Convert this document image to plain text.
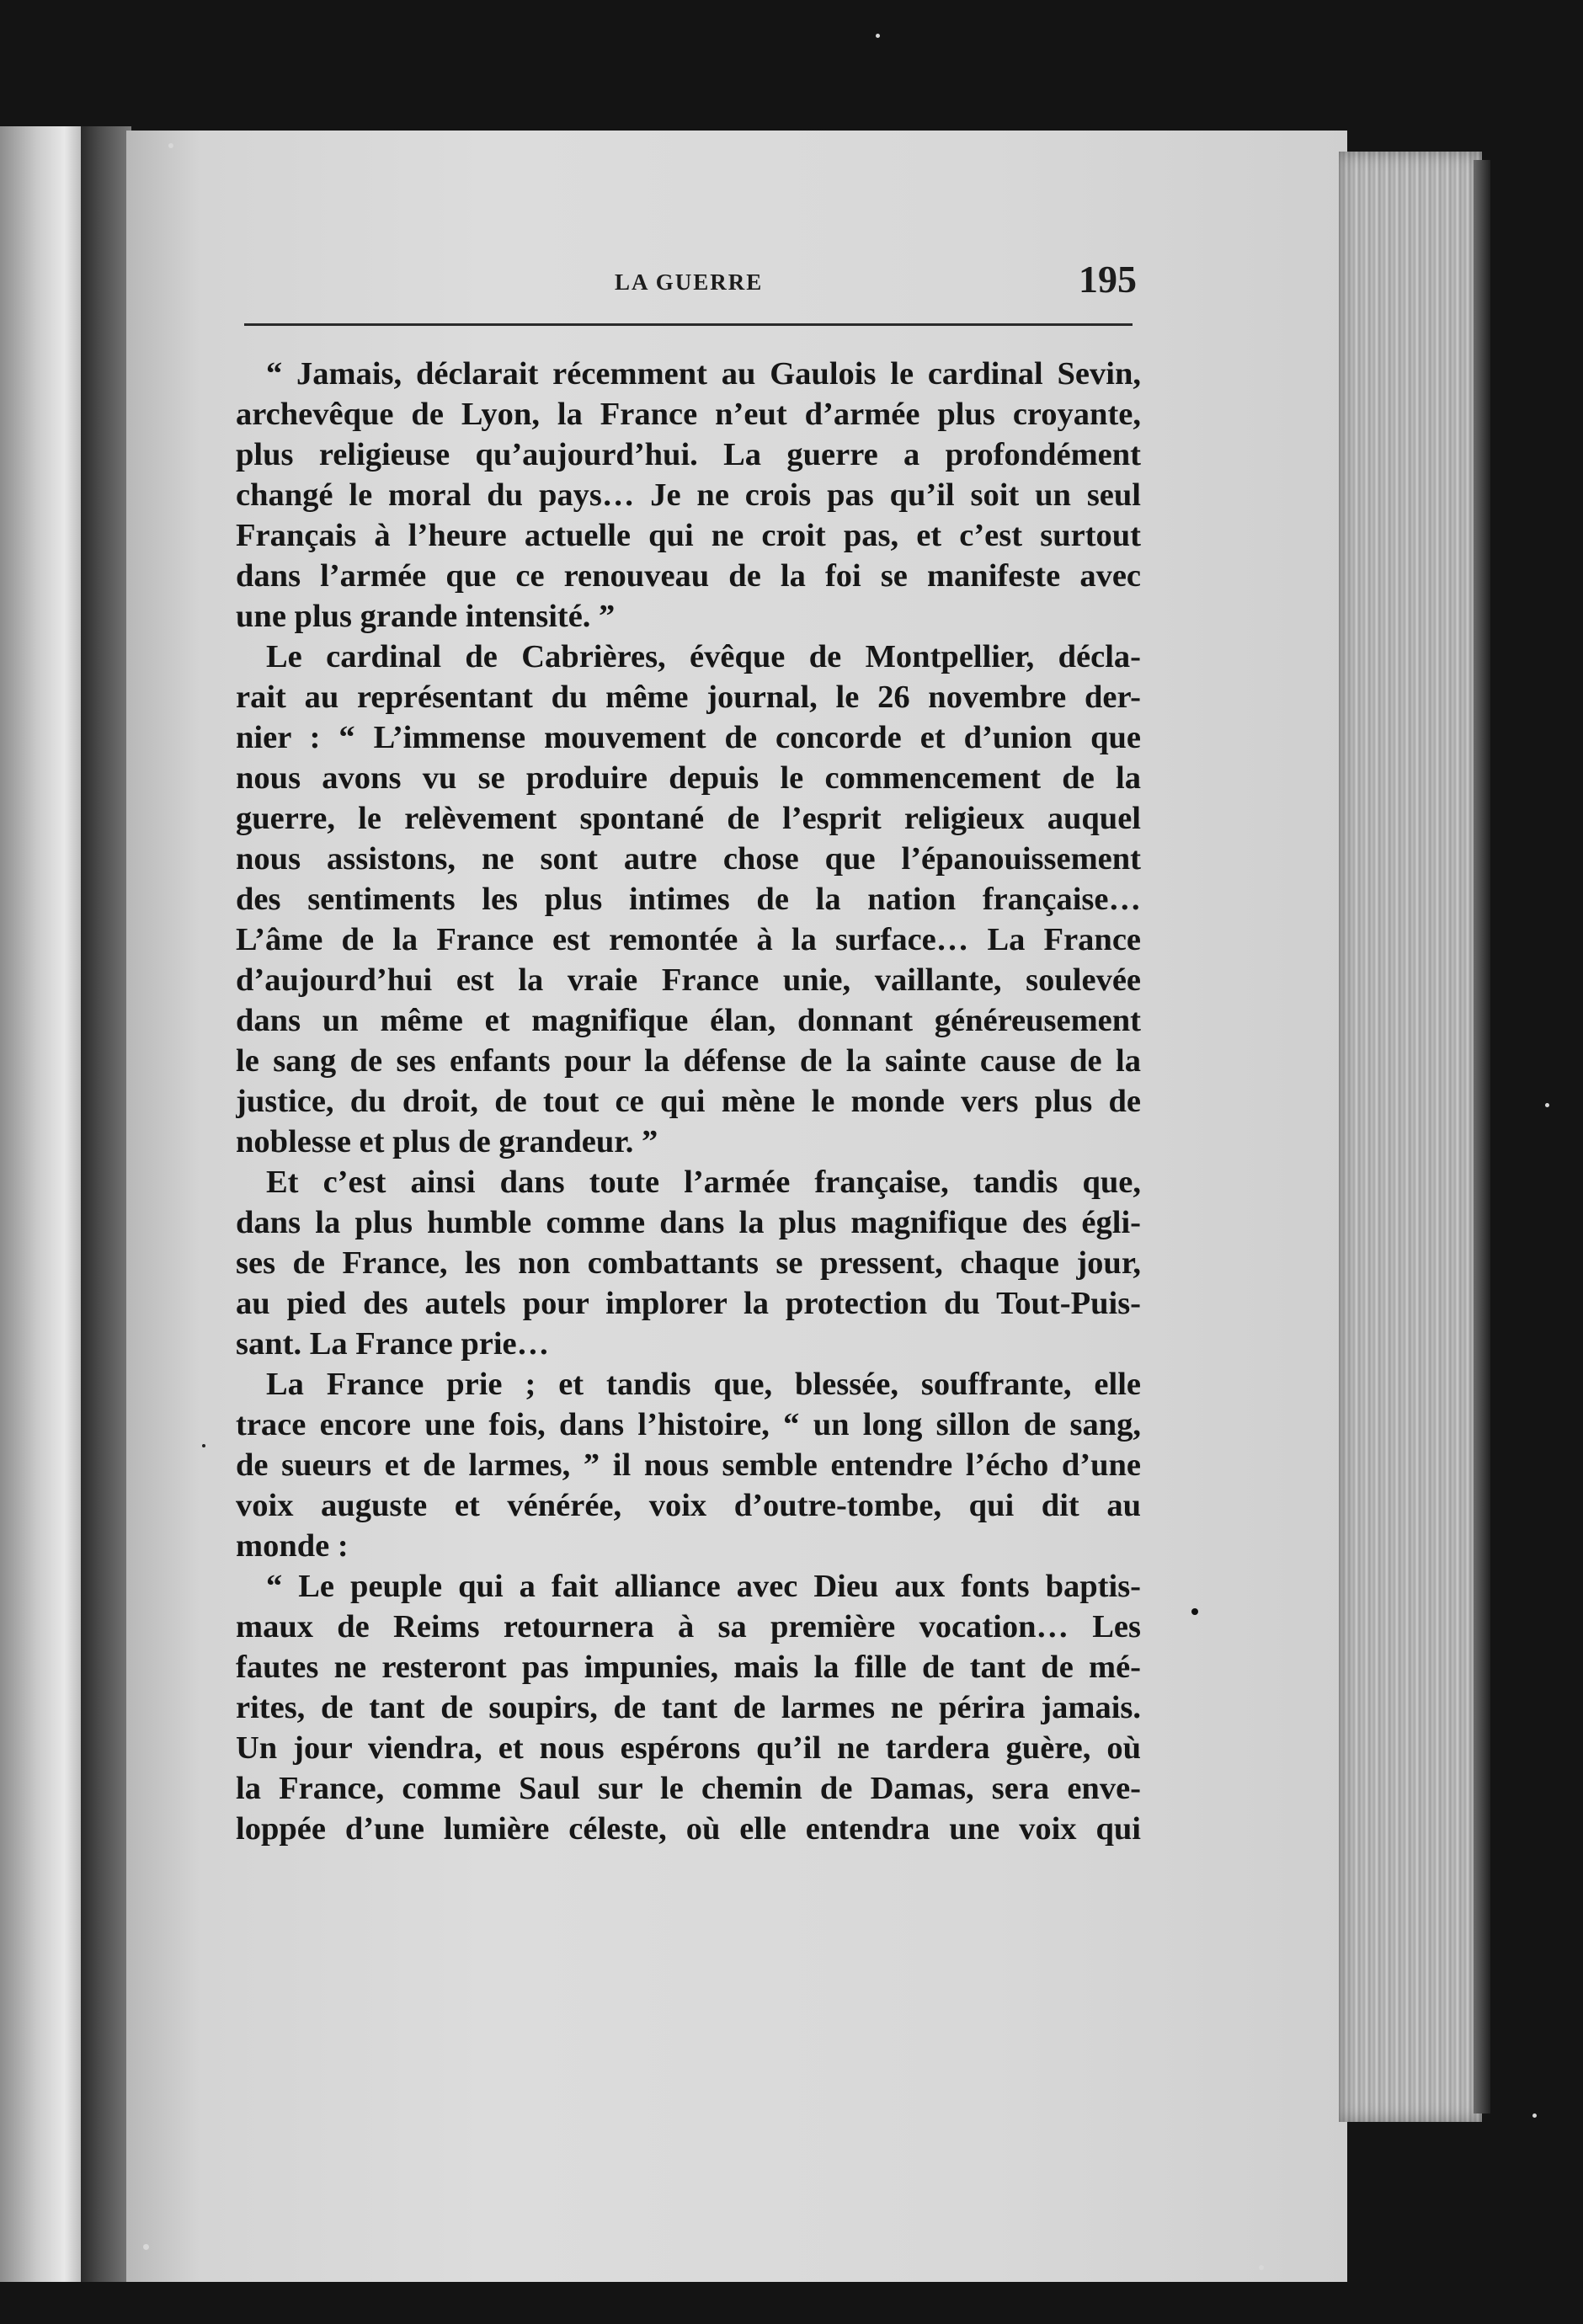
LA GUERRE	195
“ Jamais, déclarait récemment au Gaulois le cardinal Sevin,
archevêque de Lyon, la France n’eut d’armée plus croyante,
plus religieuse qu’aujourd’hui. La guerre a profondément
changé le moral du pays… Je ne crois pas qu’il soit un seul
Français à l’heure actuelle qui ne croit pas, et c’est surtout
dans l’armée que ce renouveau de la foi se manifeste avec
une plus grande intensité. ”
Le cardinal de Cabrières, évêque de Montpellier, décla-
rait au représentant du même journal, le 26 novembre der-
nier : “ L’immense mouvement de concorde et d’union que
nous avons vu se produire depuis le commencement de la
guerre, le relèvement spontané de l’esprit religieux auquel
nous assistons, ne sont autre chose que l’épanouissement
des sentiments les plus intimes de la nation française…
L’âme de la France est remontée à la surface… La France
d’aujourd’hui est la vraie France unie, vaillante, soulevée
dans un même et magnifique élan, donnant généreusement
le sang de ses enfants pour la défense de la sainte cause de la
justice, du droit, de tout ce qui mène le monde vers plus de
noblesse et plus de grandeur. ”
Et c’est ainsi dans toute l’armée française, tandis que,
dans la plus humble comme dans la plus magnifique des égli-
ses de France, les non combattants se pressent, chaque jour,
au pied des autels pour implorer la protection du Tout-Puis-
sant. La France prie…
La France prie ; et tandis que, blessée, souffrante, elle
trace encore une fois, dans l’histoire, “ un long sillon de sang,
de sueurs et de larmes, ” il nous semble entendre l’écho d’une
voix auguste et vénérée, voix d’outre-tombe, qui dit au
monde :
“ Le peuple qui a fait alliance avec Dieu aux fonts baptis-
maux de Reims retournera à sa première vocation… Les
fautes ne resteront pas impunies, mais la fille de tant de mé-
rites, de tant de soupirs, de tant de larmes ne périra jamais.
Un jour viendra, et nous espérons qu’il ne tardera guère, où
la France, comme Saul sur le chemin de Damas, sera enve-
loppée d’une lumière céleste, où elle entendra une voix qui
